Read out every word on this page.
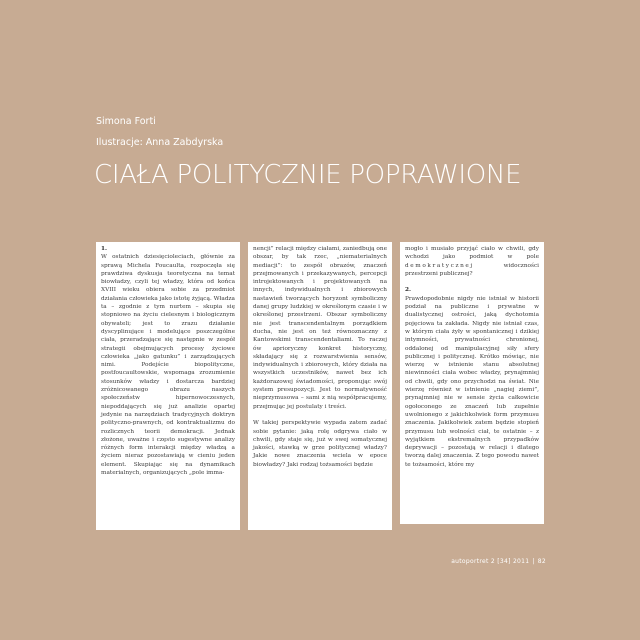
Simona Forti
Ilustracje: Anna Zabdyrska
CIAŁA POLITYCZNIE POPRAWIONE
1.

W ostatnich dziesięcioleciach, głównie za sprawą Michela Foucaulta, rozpoczęła się prawdziwa dyskusja teoretyczna na temat biowładzy, czyli tej władzy, która od końca XVIII wieku obiera sobie za przedmiot działania człowieka jako istotę żyjącą. Władza ta – zgodnie z tym nurtem – skupia się stopniowo na życiu cielesnym i biologicznym obywateli; jest to zrazu działanie dyscyplinujące i modelujące poszczególne ciała, przeradzające się następnie w zespół strategii obejmujących procesy życiowe człowieka „jako gatunku” i zarządzających nimi. Podejście biopolityczne, postfoucaultowskie, wspomaga zrozumienie stosunków władzy i dostarcza bardziej zróżnicowanego obrazu naszych społeczeństw hipernowoczesnych, niepoddających się już analizie opartej jedynie na narzędziach tradycyjnych doktryn polityczno-prawnych, od kontraktualizmu do rozlicznych teorii demokracji. Jednak złożone, uważne i często sugestywne analizy różnych form interakcji między władzą a życiem nieraz pozostawiają w cieniu jeden element. Skupiając się na dynamikach materialnych, organizujących „pole imma-

nencji” relacji między ciałami, zaniedbują one obszar, by tak rzec, „niematerialnych mediacji”: to zespół obrazów, znaczeń przejmowanych i przekazywanych, percepcji introjektowanych i projektowanych na innych, indywidualnych i zbiorowych nastawień tworzących horyzont symboliczny danej grupy ludzkiej w określonym czasie i w określonej przestrzeni. Obszar symboliczny nie jest transcendentalnym porządkiem ducha, nie jest on też równoznaczny z Kantowskimi transcendentaliami. To raczej ów aprioryczny konkret historyczny, składający się z rozwarstwienia sensów, indywidualnych i zbiorowych, który działa na wszystkich uczestników, nawet bez ich każdorazowej świadomości, proponując swój system presupozycji. Jest to normatywność nieprzymusowa – sami z nią współpracujemy, przejmując jej postulaty i treści.

W takiej perspektywie wypada zatem zadać sobie pytanie: jaką rolę odgrywa ciało w chwili, gdy staje się, już w swej somatycznej jakości, stawką w grze politycznej władzy? Jakie nowe znaczenia wciela w epoce biowładzy? Jaki rodzaj tożsamości będzie

mogło i musiało przyjąć ciało w chwili, gdy wchodzi jako podmiot w pole demokratycznej widoczności przestrzeni publicznej?

2.

Prawdopodobnie nigdy nie istniał w historii podział na publiczne i prywatne w dualistycznej ostrości, jaką dychotomia pojęciowa ta zakłada. Nigdy nie istniał czas, w którym ciała żyły w spontanicznej i dzikiej intymności, prywatności chronionej, oddalonej od manipulacyjnej siły sfery publicznej i politycznej. Krótko mówiąc, nie wierzę w istnienie stanu absolutnej niewinności ciała wobec władzy, prynajmniej od chwili, gdy ono przychodzi na świat. Nie wierzę również w istnienie „nagiej ziemi”, prynajmniej nie w sensie życia całkowicie ogołoconego ze znaczeń lub zupełnie uwolnionego z jakichkolwiek form przymusu znaczenia. Jakikolwiek zatem będzie stopień przymusu lub wolności ciał, te ostatnie – z wyjątkiem ekstremalnych przypadków deprywacji – pozostają w relacji i dlatego tworzą dalej znaczenia. Z tego powodu nawet te tożsamości, które my

autoportret 2 [34] 2011 | 82
